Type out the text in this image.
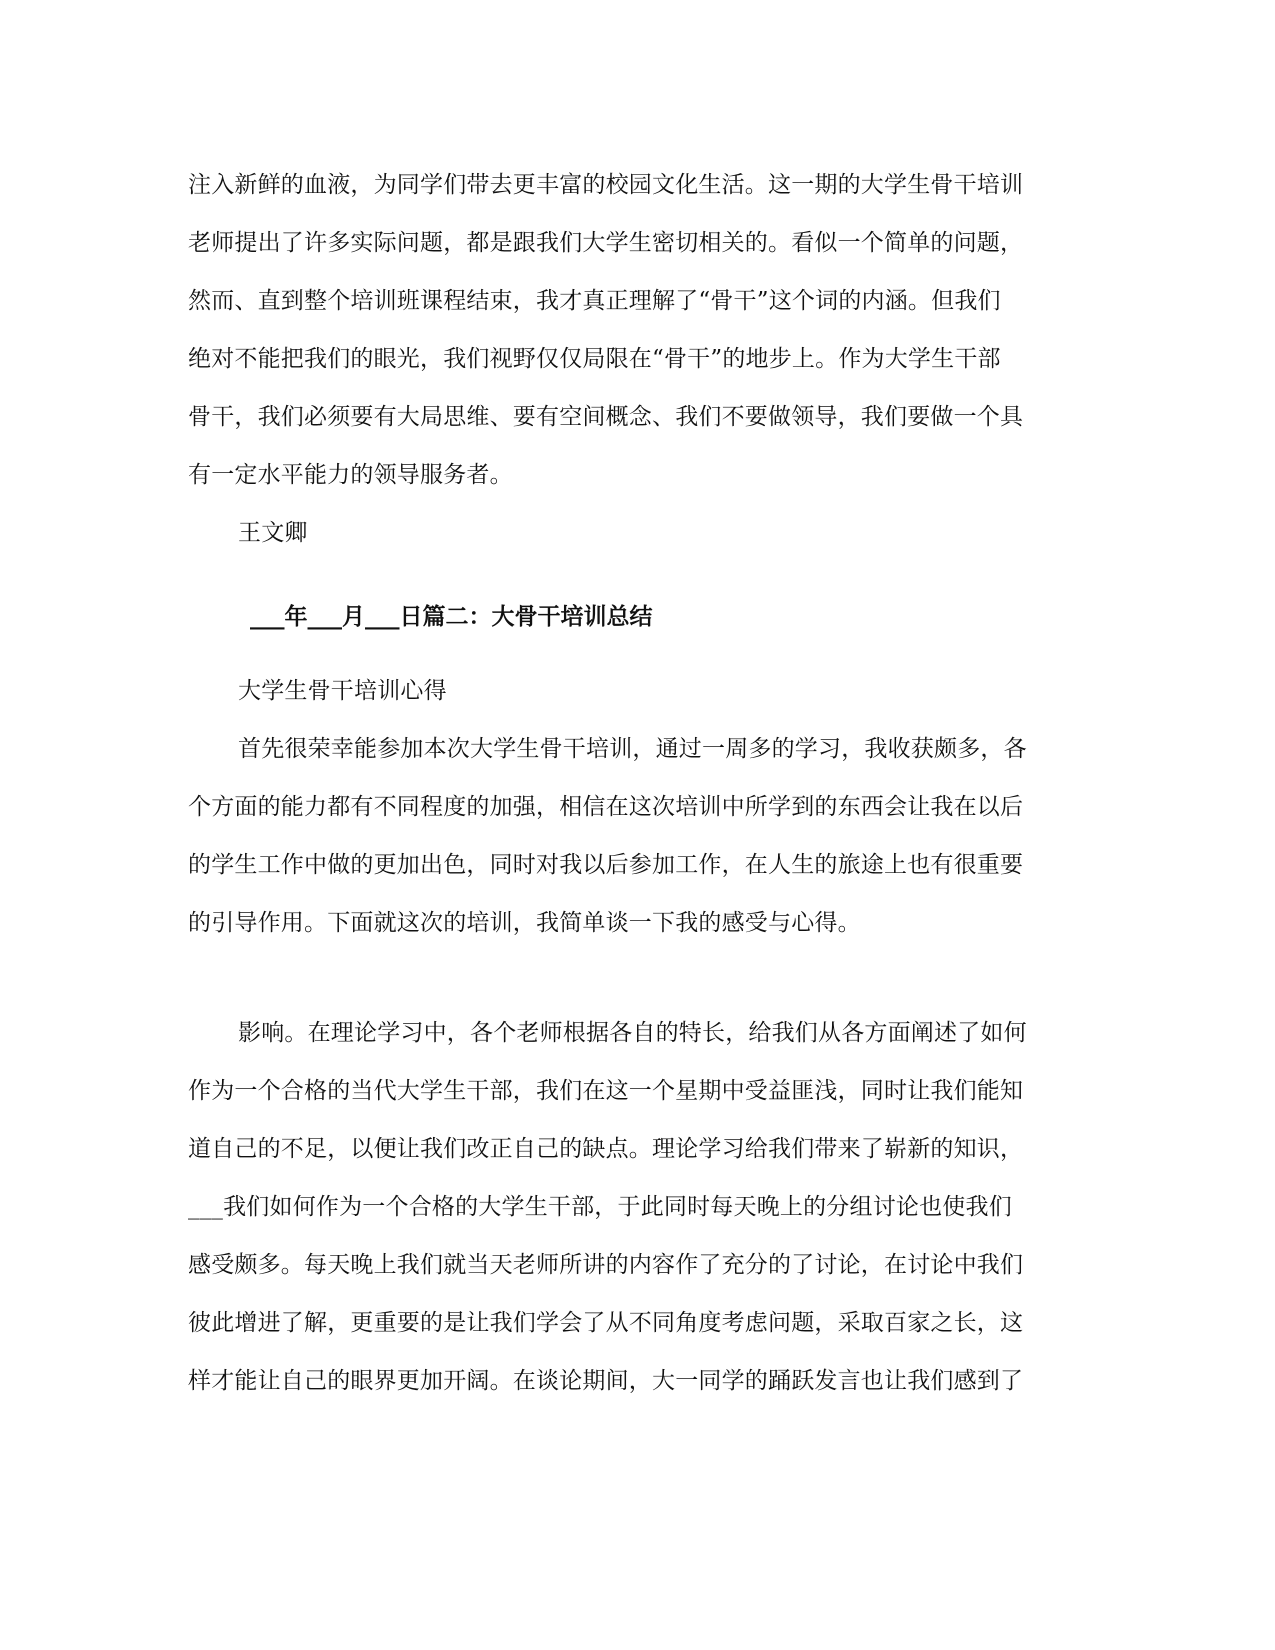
注入新鲜的血液，为同学们带去更丰富的校园文化生活。这一期的大学生骨干培训

老师提出了许多实际问题，都是跟我们大学生密切相关的。看似一个简单的问题，

然而、直到整个培训班课程结束，我才真正理解了“骨干”这个词的内涵。但我们

绝对不能把我们的眼光，我们视野仅仅局限在“骨干”的地步上。作为大学生干部

骨干，我们必须要有大局思维、要有空间概念、我们不要做领导，我们要做一个具

有一定水平能力的领导服务者。

王文卿

___年___月___日篇二：大骨干培训总结

大学生骨干培训心得

首先很荣幸能参加本次大学生骨干培训，通过一周多的学习，我收获颇多，各

个方面的能力都有不同程度的加强，相信在这次培训中所学到的东西会让我在以后

的学生工作中做的更加出色，同时对我以后参加工作，在人生的旅途上也有很重要

的引导作用。下面就这次的培训，我简单谈一下我的感受与心得。

影响。在理论学习中，各个老师根据各自的特长，给我们从各方面阐述了如何

作为一个合格的当代大学生干部，我们在这一个星期中受益匪浅，同时让我们能知

道自己的不足，以便让我们改正自己的缺点。理论学习给我们带来了崭新的知识，

___我们如何作为一个合格的大学生干部，于此同时每天晚上的分组讨论也使我们

感受颇多。每天晚上我们就当天老师所讲的内容作了充分的了讨论，在讨论中我们

彼此增进了解，更重要的是让我们学会了从不同角度考虑问题，采取百家之长，这

样才能让自己的眼界更加开阔。在谈论期间，大一同学的踊跃发言也让我们感到了
